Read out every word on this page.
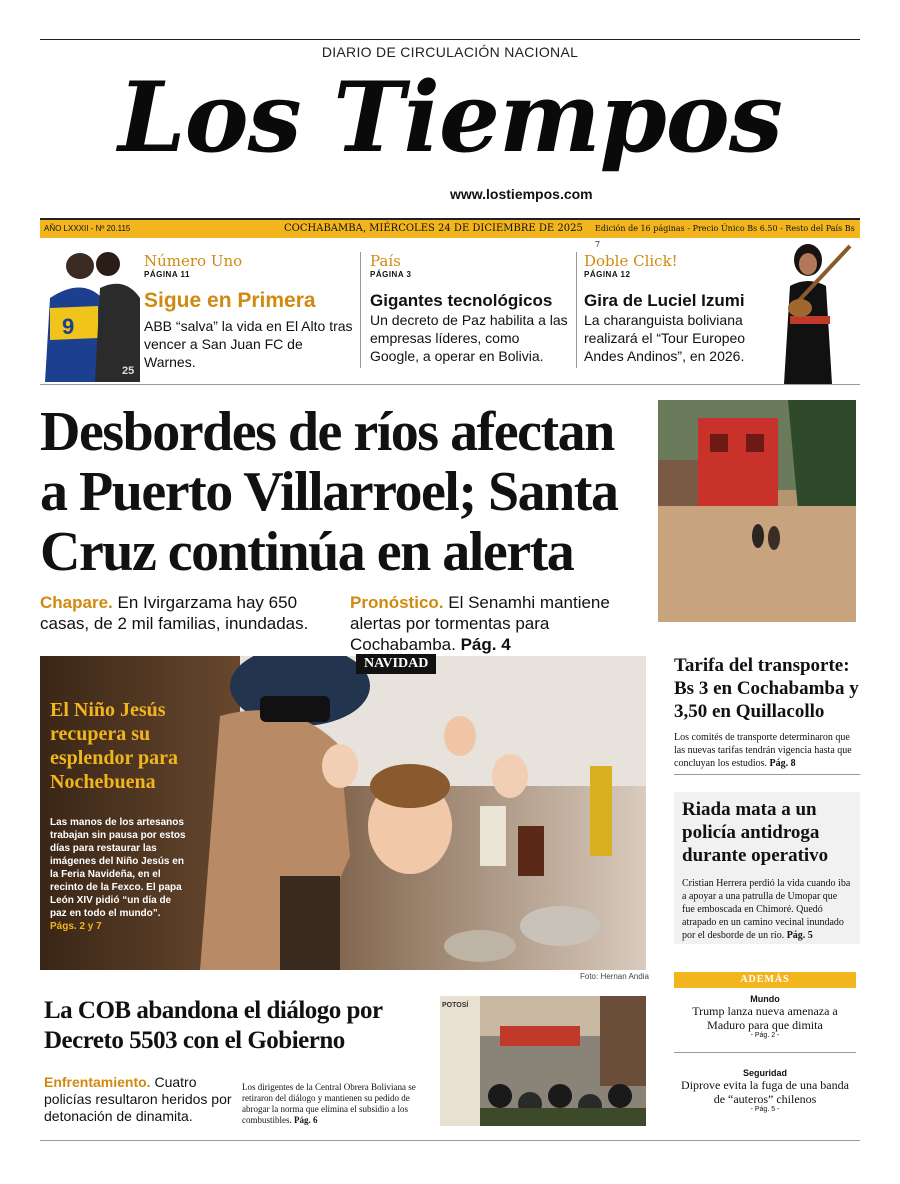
DIARIO DE CIRCULACIÓN NACIONAL
Los Tiempos
www.lostiempos.com
AÑO LXXXII - Nº 20.115	COCHABAMBA, MIÉRCOLES 24 DE DICIEMBRE DE 2025 Edición de 16 páginas - Precio Único Bs 6.50 - Resto del País Bs 7
9
25
Número Uno
PÁGINA 11
Sigue en Primera
ABB “salva” la vida en El Alto tras vencer a San Juan FC de Warnes.
País
PÁGINA 3
Gigantes tecnológicos
Un decreto de Paz habilita a las empresas líderes, como Google, a operar en Bolivia.
Doble Click!
PÁGINA 12
Gira de Luciel Izumi
La charanguista boliviana realizará el “Tour Europeo Andes Andinos”, en 2026.
Desbordes de ríos afectan a Puerto Villarroel; Santa Cruz continúa en alerta
Chapare. En Ivirgarzama hay 650 casas, de 2 mil familias, inundadas.
Pronóstico. El Senamhi mantiene alertas por tormentas para Cochabamba. Pág. 4
NAVIDAD
El Niño Jesús recupera su esplendor para Nochebuena
Las manos de los artesanos trabajan sin pausa por estos días para restaurar las imágenes del Niño Jesús en la Feria Navideña, en el recinto de la Fexco. El papa León XIV pidió “un día de paz en todo el mundo”. Págs. 2 y 7
Foto: Hernan Andia
Tarifa del transporte: Bs 3 en Cochabamba y 3,50 en Quillacollo
Los comités de transporte determinaron que las nuevas tarifas tendrán vigencia hasta que concluyan los estudios. Pág. 8
Riada mata a un policía antidroga durante operativo
Cristian Herrera perdió la vida cuando iba a apoyar a una patrulla de Umopar que fue emboscada en Chimoré. Quedó atrapado en un camino vecinal inundado por el desborde de un río. Pág. 5
ADEMÁS
Mundo

Trump lanza nueva amenaza a Maduro para que dimita

- Pág. 2 -
Seguridad

Diprove evita la fuga de una banda de “auteros” chilenos

- Pág. 5 -
La COB abandona el diálogo por Decreto 5503 con el Gobierno
Enfrentamiento. Cuatro policías resultaron heridos por detonación de dinamita.
Los dirigentes de la Central Obrera Boliviana se retiraron del diálogo y mantienen su pedido de abrogar la norma que elimina el subsidio a los combustibles. Pág. 6
POTOSÍ
